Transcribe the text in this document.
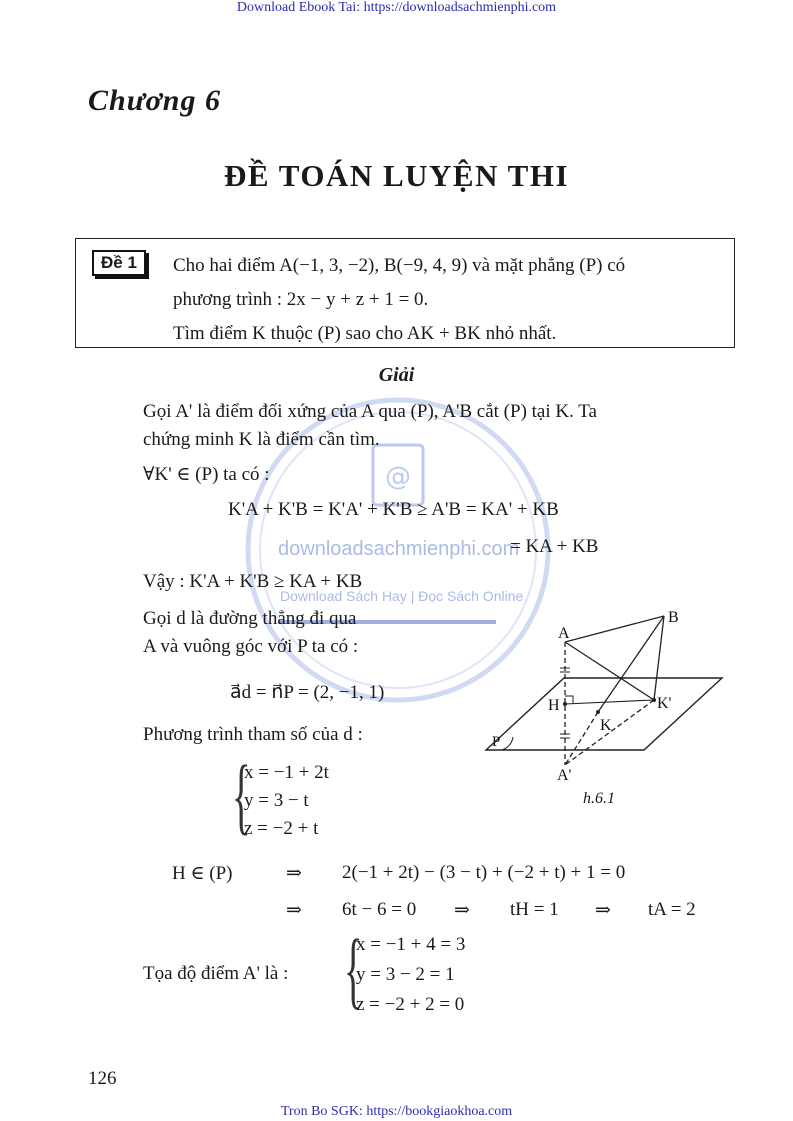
Download Ebook Tai: https://downloadsachmienphi.com
Tron Bo SGK: https://bookgiaokhoa.com
@
downloadsachmienphi.com
Download Sách Hay | Đọc Sách Online
Chương 6
ĐỀ TOÁN LUYỆN THI
Đề 1	Cho hai điểm A(−1, 3, −2), B(−9, 4, 9) và mặt phẳng (P) có
phương trình : 2x − y + z + 1 = 0.
Tìm điểm K thuộc (P) sao cho AK + BK nhỏ nhất.
Giải
Gọi A' là điểm đối xứng của A qua (P), A'B cắt (P) tại K. Ta
chứng minh K là điểm cần tìm.
∀K' ∈ (P) ta có :
K'A + K'B = K'A' + K'B ≥ A'B = KA' + KB
= KA + KB
Vậy : K'A + K'B ≥ KA + KB
Gọi d là đường thẳng đi qua
A và vuông góc với P ta có :
a⃗d = n⃗P = (2, −1, 1)
Phương trình tham số của d :
{
x = −1 + 2t
y = 3 − t
z = −2 + t
H ∈ (P)	⇒ 2(−1 + 2t) − (3 − t) + (−2 + t) + 1 = 0
⇒ 6t − 6 = 0 ⇒ tH = 1 ⇒ tA = 2
Tọa độ điểm A' là : {
x = −1 + 4 = 3
y = 3 − 2 = 1
z = −2 + 2 = 0
A
B
H
K
K'
A'
P
h.6.1
126
